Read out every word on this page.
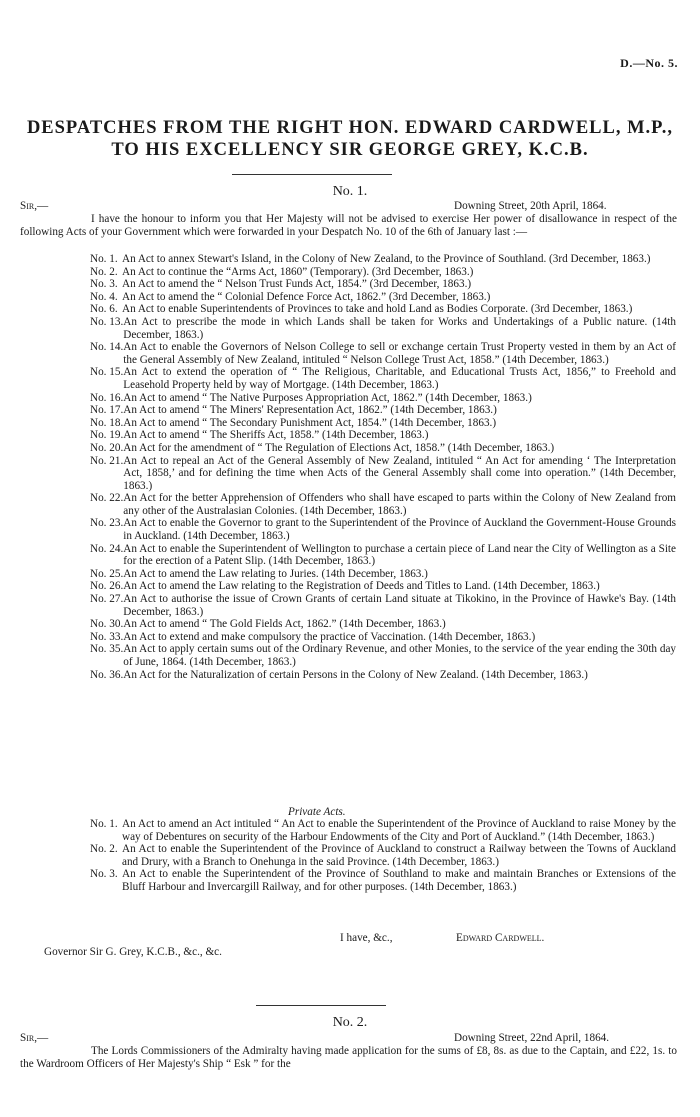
D.—No. 5.
DESPATCHES FROM THE RIGHT HON. EDWARD CARDWELL, M.P.,
TO HIS EXCELLENCY SIR GEORGE GREY, K.C.B.
No. 1.
Sir,—	Downing Street, 20th April, 1864.
I have the honour to inform you that Her Majesty will not be advised to exercise Her power of disallowance in respect of the following Acts of your Government which were forwarded in your Despatch No. 10 of the 6th of January last :—
No. 1. An Act to annex Stewart's Island, in the Colony of New Zealand, to the Province of Southland. (3rd December, 1863.)
No. 2. An Act to continue the “Arms Act, 1860” (Temporary). (3rd December, 1863.)
No. 3. An Act to amend the “ Nelson Trust Funds Act, 1854.” (3rd December, 1863.)
No. 4. An Act to amend the “ Colonial Defence Force Act, 1862.” (3rd December, 1863.)
No. 6. An Act to enable Superintendents of Provinces to take and hold Land as Bodies Corporate. (3rd December, 1863.)
No. 13. An Act to prescribe the mode in which Lands shall be taken for Works and Undertakings of a Public nature. (14th December, 1863.)
No. 14. An Act to enable the Governors of Nelson College to sell or exchange certain Trust Property vested in them by an Act of the General Assembly of New Zealand, intituled “ Nelson College Trust Act, 1858.” (14th December, 1863.)
No. 15. An Act to extend the operation of “ The Religious, Charitable, and Educational Trusts Act, 1856,” to Freehold and Leasehold Property held by way of Mortgage. (14th December, 1863.)
No. 16. An Act to amend “ The Native Purposes Appropriation Act, 1862.” (14th December, 1863.)
No. 17. An Act to amend “ The Miners' Representation Act, 1862.” (14th December, 1863.)
No. 18. An Act to amend “ The Secondary Punishment Act, 1854.” (14th December, 1863.)
No. 19. An Act to amend “ The Sheriffs Act, 1858.” (14th December, 1863.)
No. 20. An Act for the amendment of “ The Regulation of Elections Act, 1858.” (14th December, 1863.)
No. 21. An Act to repeal an Act of the General Assembly of New Zealand, intituled “ An Act for amending ‘ The Interpretation Act, 1858,’ and for defining the time when Acts of the General Assembly shall come into operation.” (14th December, 1863.)
No. 22. An Act for the better Apprehension of Offenders who shall have escaped to parts within the Colony of New Zealand from any other of the Australasian Colonies. (14th December, 1863.)
No. 23. An Act to enable the Governor to grant to the Superintendent of the Province of Auckland the Government-House Grounds in Auckland. (14th December, 1863.)
No. 24. An Act to enable the Superintendent of Wellington to purchase a certain piece of Land near the City of Wellington as a Site for the erection of a Patent Slip. (14th December, 1863.)
No. 25. An Act to amend the Law relating to Juries. (14th December, 1863.)
No. 26. An Act to amend the Law relating to the Registration of Deeds and Titles to Land. (14th December, 1863.)
No. 27. An Act to authorise the issue of Crown Grants of certain Land situate at Tikokino, in the Province of Hawke's Bay. (14th December, 1863.)
No. 30. An Act to amend “ The Gold Fields Act, 1862.” (14th December, 1863.)
No. 33. An Act to extend and make compulsory the practice of Vaccination. (14th December, 1863.)
No. 35. An Act to apply certain sums out of the Ordinary Revenue, and other Monies, to the service of the year ending the 30th day of June, 1864. (14th December, 1863.)
No. 36. An Act for the Naturalization of certain Persons in the Colony of New Zealand. (14th December, 1863.)
Private Acts.
No. 1. An Act to amend an Act intituled “ An Act to enable the Superintendent of the Province of Auckland to raise Money by the way of Debentures on security of the Harbour Endowments of the City and Port of Auckland.” (14th December, 1863.)
No. 2. An Act to enable the Superintendent of the Province of Auckland to construct a Railway between the Towns of Auckland and Drury, with a Branch to Onehunga in the said Province. (14th December, 1863.)
No. 3. An Act to enable the Superintendent of the Province of Southland to make and maintain Branches or Extensions of the Bluff Harbour and Invercargill Railway, and for other purposes. (14th December, 1863.)
I have, &c.,	Edward Cardwell.
Governor Sir G. Grey, K.C.B., &c., &c.
No. 2.
Sir,—	Downing Street, 22nd April, 1864.
The Lords Commissioners of the Admiralty having made application for the sums of £8, 8s. as due to the Captain, and £22, 1s. to the Wardroom Officers of Her Majesty's Ship “ Esk ” for the
